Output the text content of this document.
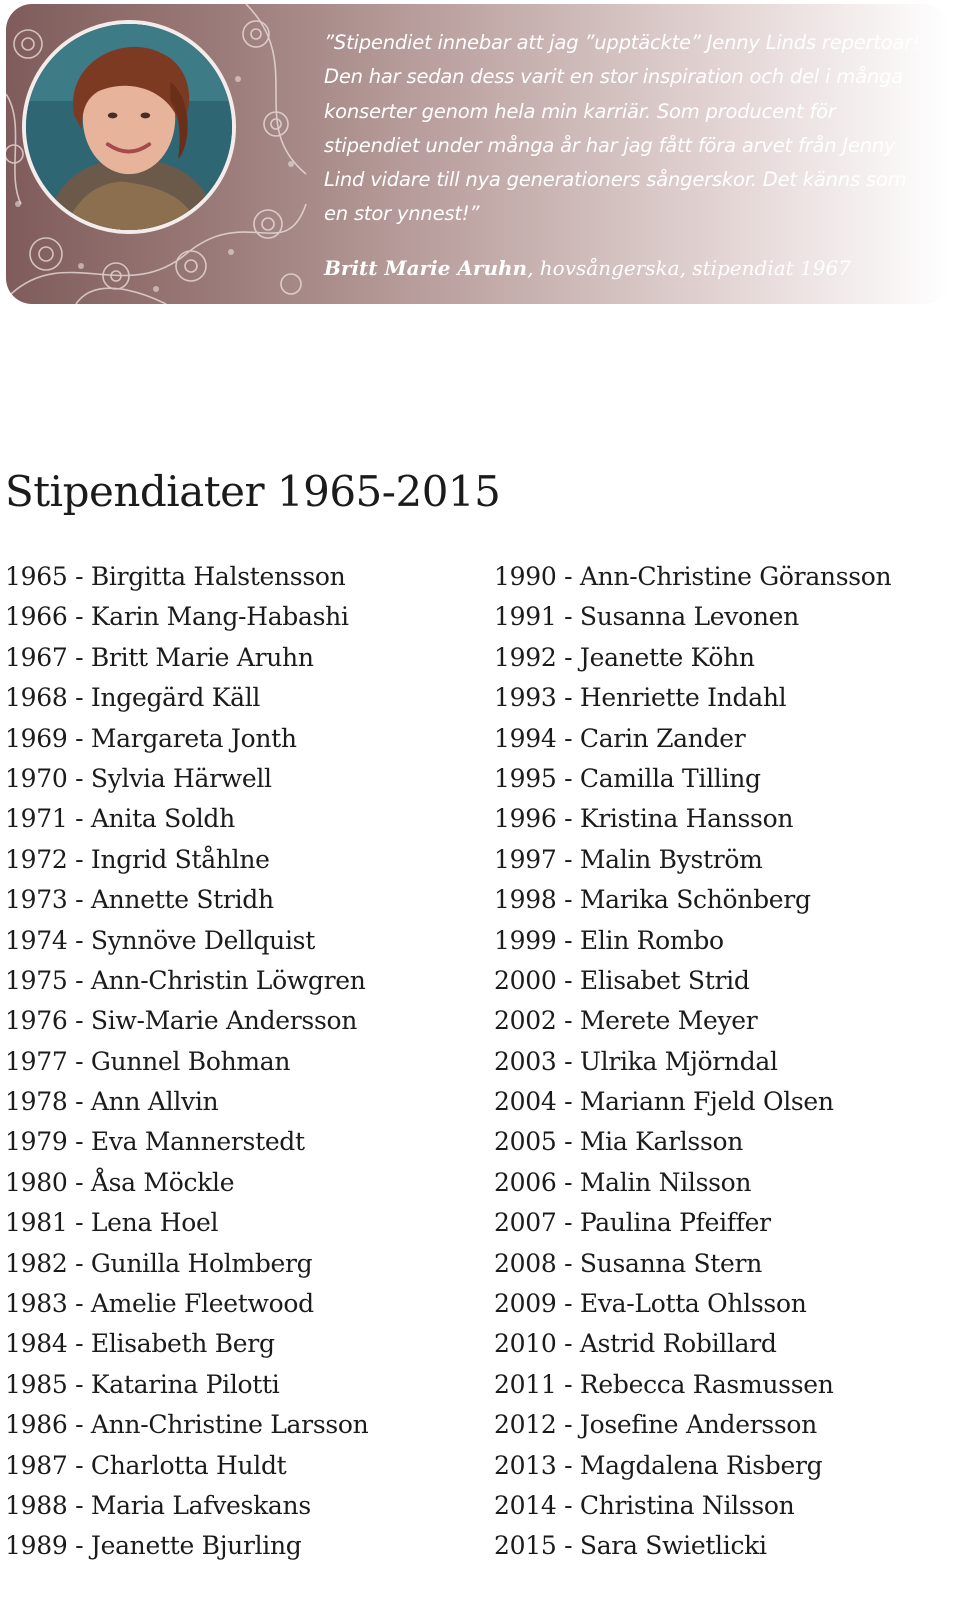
”Stipendiet innebar att jag ”upptäckte” Jenny Linds repertoar! Den har sedan dess varit en stor inspiration och del i många konserter genom hela min karriär. Som producent för stipendiet under många år har jag fått föra arvet från Jenny Lind vidare till nya generationers sångerskor. Det känns som en stor ynnest!”

Britt Marie Aruhn, hovsångerska, stipendiat 1967

Stipendiater 1965-2015
1965 - Birgitta Halstensson
1966 - Karin Mang-Habashi
1967 - Britt Marie Aruhn
1968 - Ingegärd Käll
1969 - Margareta Jonth
1970 - Sylvia Härwell
1971 - Anita Soldh
1972 - Ingrid Ståhlne
1973 - Annette Stridh
1974 - Synnöve Dellquist
1975 - Ann-Christin Löwgren
1976 - Siw-Marie Andersson
1977 - Gunnel Bohman
1978 - Ann Allvin
1979 - Eva Mannerstedt
1980 - Åsa Möckle
1981 - Lena Hoel
1982 - Gunilla Holmberg
1983 - Amelie Fleetwood
1984 - Elisabeth Berg
1985 - Katarina Pilotti
1986 - Ann-Christine Larsson
1987 - Charlotta Huldt
1988 - Maria Lafveskans
1989 - Jeanette Bjurling
1990 - Ann-Christine Göransson
1991 - Susanna Levonen
1992 - Jeanette Köhn
1993 - Henriette Indahl
1994 - Carin Zander
1995 - Camilla Tilling
1996 - Kristina Hansson
1997 - Malin Byström
1998 - Marika Schönberg
1999 - Elin Rombo
2000 - Elisabet Strid
2002 - Merete Meyer
2003 - Ulrika Mjörndal
2004 - Mariann Fjeld Olsen
2005 - Mia Karlsson
2006 - Malin Nilsson
2007 - Paulina Pfeiffer
2008 - Susanna Stern
2009 - Eva-Lotta Ohlsson
2010 - Astrid Robillard
2011 - Rebecca Rasmussen
2012 - Josefine Andersson
2013 - Magdalena Risberg
2014 - Christina Nilsson
2015 - Sara Swietlicki
